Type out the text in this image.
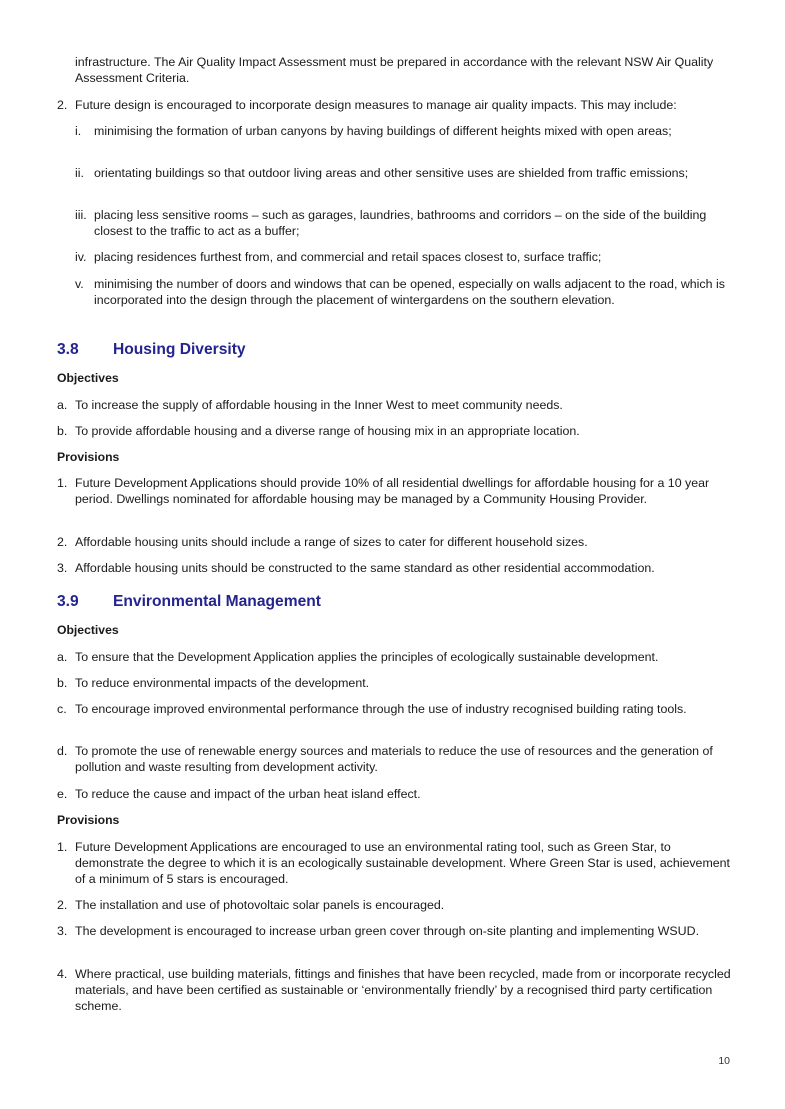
infrastructure. The Air Quality Impact Assessment must be prepared in accordance with the relevant NSW Air Quality Assessment Criteria.

2. Future design is encouraged to incorporate design measures to manage air quality impacts. This may include:
i. minimising the formation of urban canyons by having buildings of different heights mixed with open areas;
ii. orientating buildings so that outdoor living areas and other sensitive uses are shielded from traffic emissions;
iii. placing less sensitive rooms – such as garages, laundries, bathrooms and corridors – on the side of the building closest to the traffic to act as a buffer;
iv. placing residences furthest from, and commercial and retail spaces closest to, surface traffic;
v. minimising the number of doors and windows that can be opened, especially on walls adjacent to the road, which is incorporated into the design through the placement of wintergardens on the southern elevation.
3.8 Housing Diversity
Objectives
a. To increase the supply of affordable housing in the Inner West to meet community needs.
b. To provide affordable housing and a diverse range of housing mix in an appropriate location.
Provisions
1. Future Development Applications should provide 10% of all residential dwellings for affordable housing for a 10 year period. Dwellings nominated for affordable housing may be managed by a Community Housing Provider.
2. Affordable housing units should include a range of sizes to cater for different household sizes.
3. Affordable housing units should be constructed to the same standard as other residential accommodation.
3.9 Environmental Management
Objectives
a. To ensure that the Development Application applies the principles of ecologically sustainable development.
b. To reduce environmental impacts of the development.
c. To encourage improved environmental performance through the use of industry recognised building rating tools.
d. To promote the use of renewable energy sources and materials to reduce the use of resources and the generation of pollution and waste resulting from development activity.
e. To reduce the cause and impact of the urban heat island effect.
Provisions
1. Future Development Applications are encouraged to use an environmental rating tool, such as Green Star, to demonstrate the degree to which it is an ecologically sustainable development. Where Green Star is used, achievement of a minimum of 5 stars is encouraged.
2. The installation and use of photovoltaic solar panels is encouraged.
3. The development is encouraged to increase urban green cover through on-site planting and implementing WSUD.
4. Where practical, use building materials, fittings and finishes that have been recycled, made from or incorporate recycled materials, and have been certified as sustainable or ‘environmentally friendly’ by a recognised third party certification scheme.
10
